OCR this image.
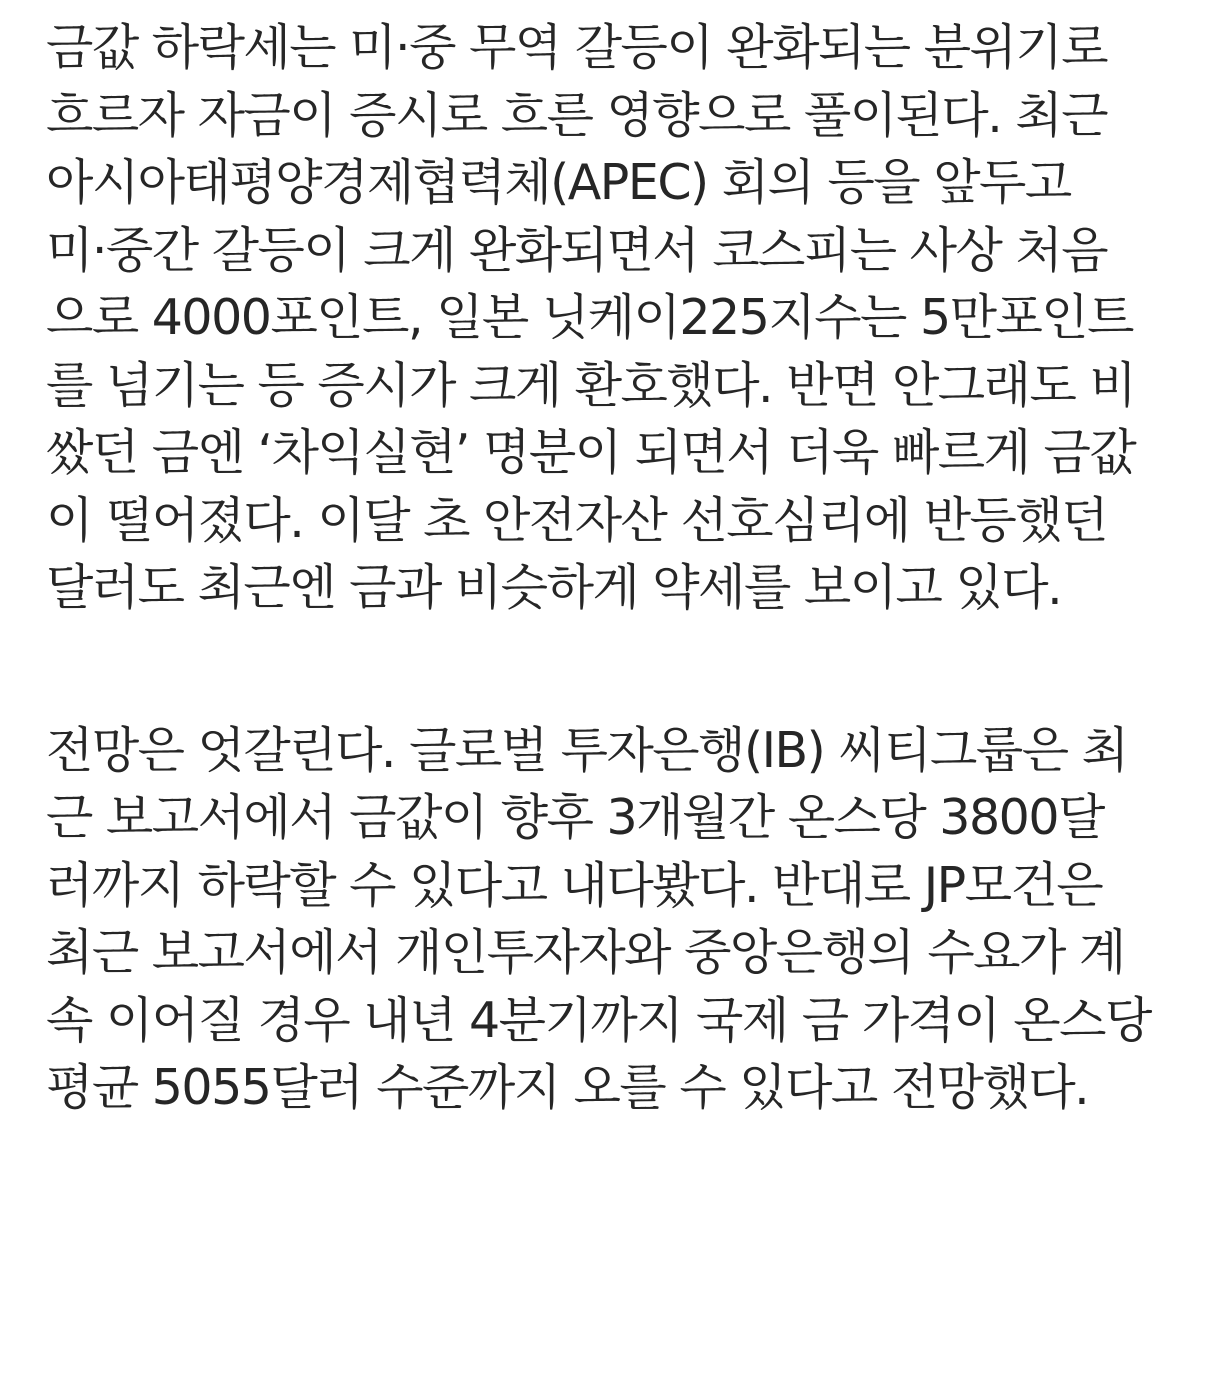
금값 하락세는 미·중 무역 갈등이 완화되는 분위기로
흐르자 자금이 증시로 흐른 영향으로 풀이된다. 최근
아시아태평양경제협력체(APEC) 회의 등을 앞두고
미·중간 갈등이 크게 완화되면서 코스피는 사상 처음
으로 4000포인트, 일본 닛케이225지수는 5만포인트
를 넘기는 등 증시가 크게 환호했다. 반면 안그래도 비
쌌던 금엔 ‘차익실현’ 명분이 되면서 더욱 빠르게 금값
이 떨어졌다. 이달 초 안전자산 선호심리에 반등했던
달러도 최근엔 금과 비슷하게 약세를 보이고 있다.

전망은 엇갈린다. 글로벌 투자은행(IB) 씨티그룹은 최
근 보고서에서 금값이 향후 3개월간 온스당 3800달
러까지 하락할 수 있다고 내다봤다. 반대로 JP모건은
최근 보고서에서 개인투자자와 중앙은행의 수요가 계
속 이어질 경우 내년 4분기까지 국제 금 가격이 온스당
평균 5055달러 수준까지 오를 수 있다고 전망했다.
